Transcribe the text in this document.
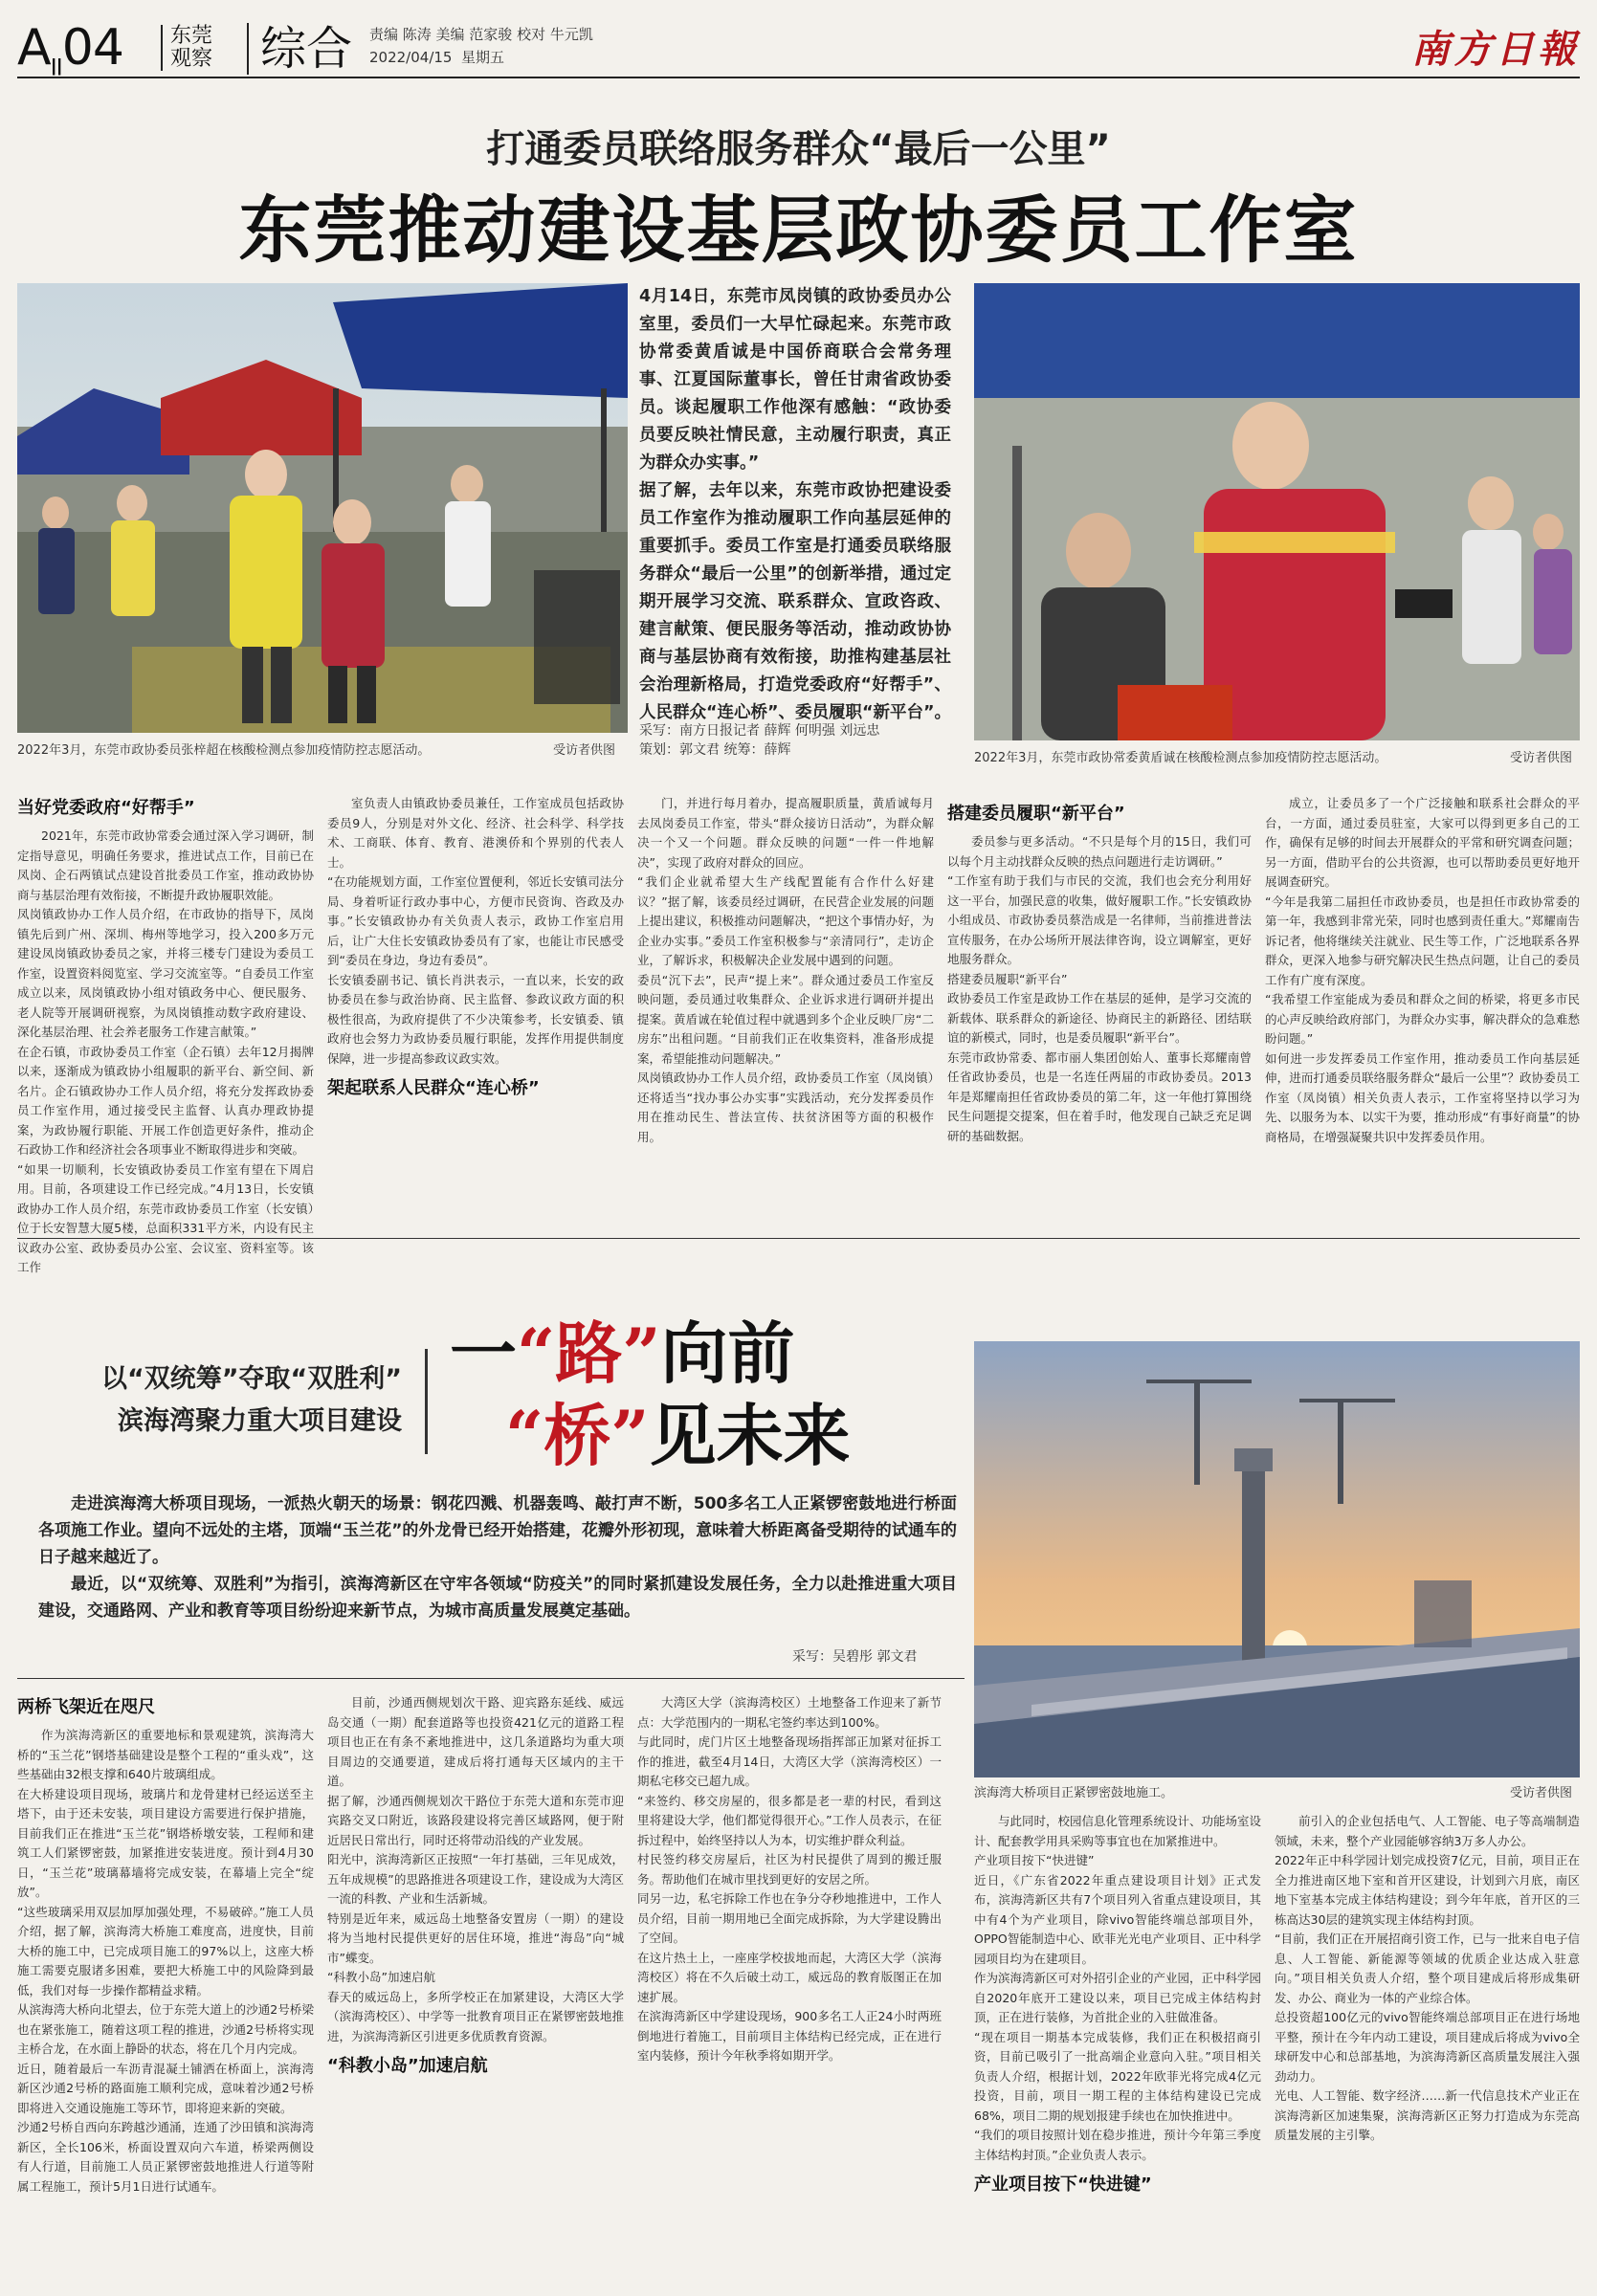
$A_{II}04$ 东莞
观察 综合 责编 陈涛 美编 范家骏 校对 牛元凯
2022/04/15 星期五	南方日報
打通委员联络服务群众“最后一公里”
东莞推动建设基层政协委员工作室
2022年3月，东莞市政协委员张梓超在核酸检测点参加疫情防控志愿活动。	受访者供图

4月14日，东莞市凤岗镇的政协委员办公室里，委员们一大早忙碌起来。东莞市政协常委黄盾诚是中国侨商联合会常务理事、江夏国际董事长，曾任甘肃省政协委员。谈起履职工作他深有感触：“政协委员要反映社情民意，主动履行职责，真正为群众办实事。”

据了解，去年以来，东莞市政协把建设委员工作室作为推动履职工作向基层延伸的重要抓手。委员工作室是打通委员联络服务群众“最后一公里”的创新举措，通过定期开展学习交流、联系群众、宣政咨政、建言献策、便民服务等活动，推动政协协商与基层协商有效衔接，助推构建基层社会治理新格局，打造党委政府“好帮手”、人民群众“连心桥”、委员履职“新平台”。

采写：南方日报记者 薛辉 何明强 刘远忠
策划：郭文君 统筹：薛辉
2022年3月，东莞市政协常委黄盾诚在核酸检测点参加疫情防控志愿活动。	受访者供图
当好党委政府“好帮手”

2021年，东莞市政协常委会通过深入学习调研，制定指导意见，明确任务要求，推进试点工作，目前已在凤岗、企石两镇试点建设首批委员工作室，推动政协协商与基层治理有效衔接，不断提升政协履职效能。
凤岗镇政协办工作人员介绍，在市政协的指导下，凤岗镇先后到广州、深圳、梅州等地学习，投入200多万元建设凤岗镇政协委员之家，并将三楼专门建设为委员工作室，设置资料阅览室、学习交流室等。“自委员工作室成立以来，凤岗镇政协小组对镇政务中心、便民服务、老人院等开展调研视察，为凤岗镇推动数字政府建设、深化基层治理、社会养老服务工作建言献策。”
在企石镇，市政协委员工作室（企石镇）去年12月揭牌以来，逐渐成为镇政协小组履职的新平台、新空间、新名片。企石镇政协办工作人员介绍，将充分发挥政协委员工作室作用，通过接受民主监督、认真办理政协提案，为政协履行职能、开展工作创造更好条件，推动企石政协工作和经济社会各项事业不断取得进步和突破。
“如果一切顺利，长安镇政协委员工作室有望在下周启用。目前，各项建设工作已经完成。”4月13日，长安镇政协办工作人员介绍，东莞市政协委员工作室（长安镇）位于长安智慧大厦5楼，总面积331平方米，内设有民主议政办公室、政协委员办公室、会议室、资料室等。该工作

室负责人由镇政协委员兼任，工作室成员包括政协委员9人，分别是对外文化、经济、社会科学、科学技术、工商联、体育、教育、港澳侨和个界别的代表人士。
“在功能规划方面，工作室位置便利，邻近长安镇司法分局、身着听证行政办事中心，方便市民资询、咨政及办事。”长安镇政协办有关负责人表示，政协工作室启用后，让广大住长安镇政协委员有了家，也能让市民感受到“委员在身边，身边有委员”。
长安镇委副书记、镇长肖洪表示，一直以来，长安的政协委员在参与政治协商、民主监督、参政议政方面的积极性很高，为政府提供了不少决策参考，长安镇委、镇政府也会努力为政协委员履行职能，发挥作用提供制度保障，进一步提高参政议政实效。

架起联系人民群众“连心桥”

门，并进行每月着办，提高履职质量，黄盾诚每月去凤岗委员工作室，带头“群众接访日活动”，为群众解决一个又一个问题。群众反映的问题“一件一件地解决”，实现了政府对群众的回应。
“我们企业就希望大生产线配置能有合作什么好建议？”据了解，该委员经过调研，在民营企业发展的问题上提出建议，积极推动问题解决，“把这个事情办好，为企业办实事。”委员工作室积极参与“亲清同行”，走访企业，了解诉求，积极解决企业发展中遇到的问题。
委员“沉下去”，民声“提上来”。群众通过委员工作室反映问题，委员通过收集群众、企业诉求进行调研并提出提案。黄盾诚在轮值过程中就遇到多个企业反映厂房“二房东”出租问题。“目前我们正在收集资料，准备形成提案，希望能推动问题解决。”
凤岗镇政协办工作人员介绍，政协委员工作室（凤岗镇）还将适当“找办事公办实事”实践活动，充分发挥委员作用在推动民生、普法宣传、扶贫济困等方面的积极作用。

搭建委员履职“新平台”

委员参与更多活动。“不只是每个月的15日，我们可以每个月主动找群众反映的热点问题进行走访调研。”
“工作室有助于我们与市民的交流，我们也会充分利用好这一平台，加强民意的收集，做好履职工作。”长安镇政协小组成员、市政协委员蔡浩成是一名律师，当前推进普法宣传服务，在办公场所开展法律咨询，设立调解室，更好地服务群众。
搭建委员履职“新平台”
政协委员工作室是政协工作在基层的延伸，是学习交流的新载体、联系群众的新途径、协商民主的新路径、团结联谊的新模式，同时，也是委员履职“新平台”。
东莞市政协常委、都市丽人集团创始人、董事长郑耀南曾任省政协委员，也是一名连任两届的市政协委员。2013年是郑耀南担任省政协委员的第二年，这一年他打算围绕民生问题提交提案，但在着手时，他发现自己缺乏充足调研的基础数据。

成立，让委员多了一个广泛接触和联系社会群众的平台，一方面，通过委员驻室，大家可以得到更多自己的工作，确保有足够的时间去开展群众的平常和研究调查问题；另一方面，借助平台的公共资源，也可以帮助委员更好地开展调查研究。
“今年是我第二届担任市政协委员，也是担任市政协常委的第一年，我感到非常光荣，同时也感到责任重大。”郑耀南告诉记者，他将继续关注就业、民生等工作，广泛地联系各界群众，更深入地参与研究解决民生热点问题，让自己的委员工作有广度有深度。
“我希望工作室能成为委员和群众之间的桥梁，将更多市民的心声反映给政府部门，为群众办实事，解决群众的急难愁盼问题。”
如何进一步发挥委员工作室作用，推动委员工作向基层延伸，进而打通委员联络服务群众“最后一公里”？政协委员工作室（凤岗镇）相关负责人表示，工作室将坚持以学习为先、以服务为本、以实干为要，推动形成“有事好商量”的协商格局，在增强凝聚共识中发挥委员作用。

以“双统筹”夺取“双胜利”
滨海湾聚力重大项目建设
一“路”向前
“桥”见未来
滨海湾大桥项目正紧锣密鼓地施工。	受访者供图

走进滨海湾大桥项目现场，一派热火朝天的场景：钢花四溅、机器轰鸣、敲打声不断，500多名工人正紧锣密鼓地进行桥面各项施工作业。望向不远处的主塔，顶端“玉兰花”的外龙骨已经开始搭建，花瓣外形初现，意味着大桥距离备受期待的试通车的日子越来越近了。

最近，以“双统筹、双胜利”为指引，滨海湾新区在守牢各领域“防疫关”的同时紧抓建设发展任务，全力以赴推进重大项目建设，交通路网、产业和教育等项目纷纷迎来新节点，为城市高质量发展奠定基础。

采写：吴碧彤 郭文君
两桥飞架近在咫尺

作为滨海湾新区的重要地标和景观建筑，滨海湾大桥的“玉兰花”钢塔基础建设是整个工程的“重头戏”，这些基础由32根支撑和640片玻璃组成。
在大桥建设项目现场，玻璃片和龙骨建材已经运送至主塔下，由于还未安装，项目建设方需要进行保护措施，目前我们正在推进“玉兰花”钢塔桥墩安装，工程师和建筑工人们紧锣密鼓，加紧推进安装进度。预计到4月30日，“玉兰花”玻璃幕墙将完成安装，在幕墙上完全“绽放”。
“这些玻璃采用双层加厚加强处理，不易破碎。”施工人员介绍，据了解，滨海湾大桥施工难度高，进度快，目前大桥的施工中，已完成项目施工的97%以上，这座大桥施工需要克服诸多困难，要把大桥施工中的风险降到最低，我们对每一步操作都精益求精。
从滨海湾大桥向北望去，位于东莞大道上的沙通2号桥梁也在紧张施工，随着这项工程的推进，沙通2号桥将实现主桥合龙，在水面上静卧的状态，将在几个月内完成。
近日，随着最后一车沥青混凝土铺洒在桥面上，滨海湾新区沙通2号桥的路面施工顺利完成，意味着沙通2号桥即将进入交通设施施工等环节，即将迎来新的突破。
沙通2号桥自西向东跨越沙通涌，连通了沙田镇和滨海湾新区，全长106米，桥面设置双向六车道，桥梁两侧设有人行道，目前施工人员正紧锣密鼓地推进人行道等附属工程施工，预计5月1日进行试通车。

目前，沙通西侧规划次干路、迎宾路东延线、威远岛交通（一期）配套道路等也投资421亿元的道路工程项目也正在有条不紊地推进中，这几条道路均为重大项目周边的交通要道，建成后将打通每天区域内的主干道。
据了解，沙通西侧规划次干路位于东莞大道和东莞市迎宾路交叉口附近，该路段建设将完善区域路网，便于附近居民日常出行，同时还将带动沿线的产业发展。
阳光中，滨海湾新区正按照“一年打基础，三年见成效，五年成规模”的思路推进各项建设工作，建设成为大湾区一流的科教、产业和生活新城。
特别是近年来，威远岛土地整备安置房（一期）的建设将为当地村民提供更好的居住环境，推进“海岛”向“城市”蝶变。
“科教小岛”加速启航
春天的威远岛上，多所学校正在加紧建设，大湾区大学（滨海湾校区）、中学等一批教育项目正在紧锣密鼓地推进，为滨海湾新区引进更多优质教育资源。

“科教小岛”加速启航

大湾区大学（滨海湾校区）土地整备工作迎来了新节点：大学范围内的一期私宅签约率达到100%。
与此同时，虎门片区土地整备现场指挥部正加紧对征拆工作的推进，截至4月14日，大湾区大学（滨海湾校区）一期私宅移交已超九成。
“来签约、移交房屋的，很多都是老一辈的村民，看到这里将建设大学，他们都觉得很开心。”工作人员表示，在征拆过程中，始终坚持以人为本，切实维护群众利益。
村民签约移交房屋后，社区为村民提供了周到的搬迁服务。帮助他们在城市里找到更好的安居之所。
同另一边，私宅拆除工作也在争分夺秒地推进中，工作人员介绍，目前一期用地已全面完成拆除，为大学建设腾出了空间。
在这片热土上，一座座学校拔地而起，大湾区大学（滨海湾校区）将在不久后破土动工，威远岛的教育版图正在加速扩展。
在滨海湾新区中学建设现场，900多名工人正24小时两班倒地进行着施工，目前项目主体结构已经完成，正在进行室内装修，预计今年秋季将如期开学。

与此同时，校园信息化管理系统设计、功能场室设计、配套教学用具采购等事宜也在加紧推进中。
产业项目按下“快进键”
近日，《广东省2022年重点建设项目计划》正式发布，滨海湾新区共有7个项目列入省重点建设项目，其中有4个为产业项目，除vivo智能终端总部项目外，OPPO智能制造中心、欧菲光光电产业项目、正中科学园项目均为在建项目。
作为滨海湾新区可对外招引企业的产业园，正中科学园自2020年底开工建设以来，项目已完成主体结构封顶，正在进行装修，为首批企业的入驻做准备。
“现在项目一期基本完成装修，我们正在积极招商引资，目前已吸引了一批高端企业意向入驻。”项目相关负责人介绍，根据计划，2022年欧菲光将完成4亿元投资，目前，项目一期工程的主体结构建设已完成68%，项目二期的规划报建手续也在加快推进中。
“我们的项目按照计划在稳步推进，预计今年第三季度主体结构封顶。”企业负责人表示。

产业项目按下“快进键”

前引入的企业包括电气、人工智能、电子等高端制造领域，未来，整个产业园能够容纳3万多人办公。
2022年正中科学园计划完成投资7亿元，目前，项目正在全力推进南区地下室和首开区建设，计划到六月底，南区地下室基本完成主体结构建设；到今年年底，首开区的三栋高达30层的建筑实现主体结构封顶。
“目前，我们正在开展招商引资工作，已与一批来自电子信息、人工智能、新能源等领域的优质企业达成入驻意向。”项目相关负责人介绍，整个项目建成后将形成集研发、办公、商业为一体的产业综合体。
总投资超100亿元的vivo智能终端总部项目正在进行场地平整，预计在今年内动工建设，项目建成后将成为vivo全球研发中心和总部基地，为滨海湾新区高质量发展注入强劲动力。
光电、人工智能、数字经济……新一代信息技术产业正在滨海湾新区加速集聚，滨海湾新区正努力打造成为东莞高质量发展的主引擎。
